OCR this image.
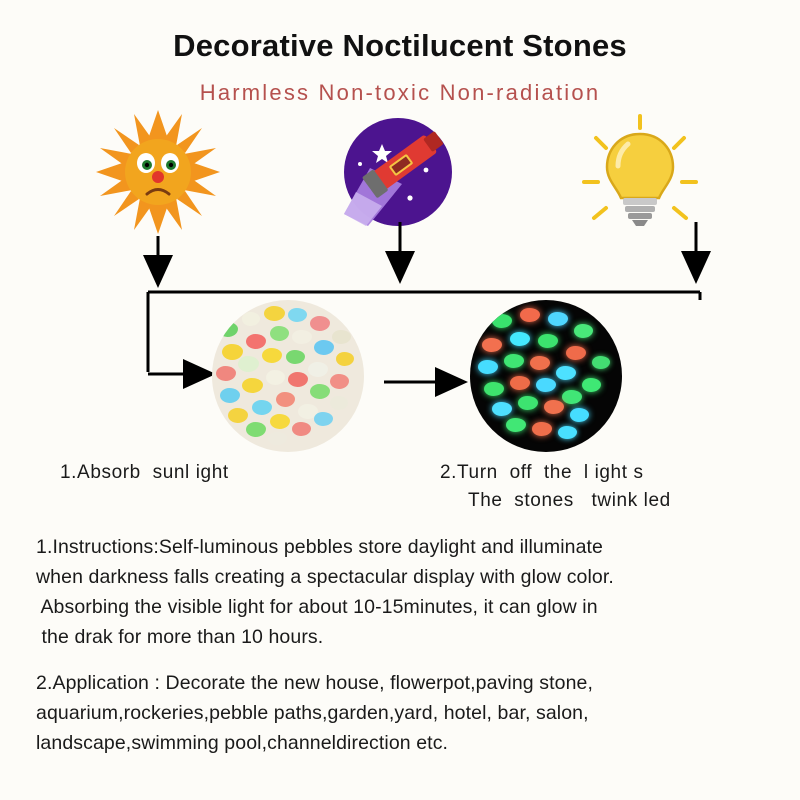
Decorative Noctilucent Stones
Harmless Non-toxic Non-radiation
1.Absorb  sunl ight	2.Turn  off  the  l ight s
The  stones   twink led
1.Instructions:Self-luminous pebbles store daylight and illuminate
when darkness falls creating a spectacular display with glow color.
Absorbing the visible light for about 10-15minutes, it can glow in
the drak for more than 10 hours.
2.Application : Decorate the new house, flowerpot,paving stone,
aquarium,rockeries,pebble paths,garden,yard, hotel, bar, salon,
landscape,swimming pool,channeldirection etc.
